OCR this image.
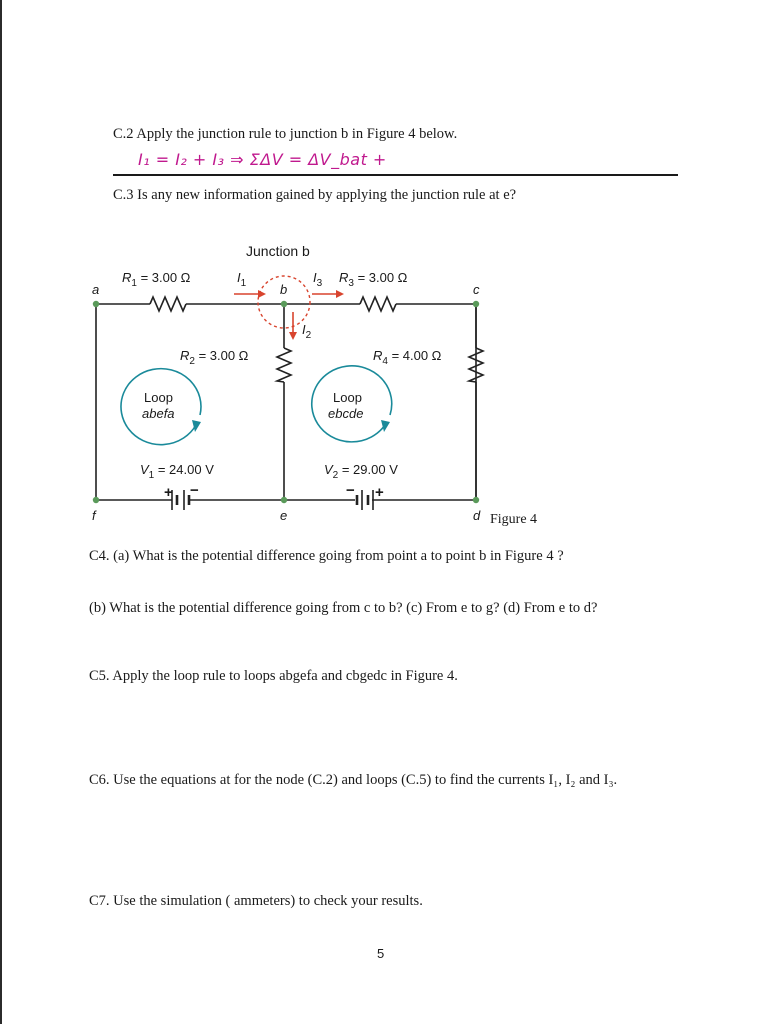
C.2 Apply the junction rule to junction b in Figure 4 below.
I₁ = I₂ + I₃ ⇒ ΣΔV = ΔV_bat +
C.3 Is any new information gained by applying the junction rule at e?
Junction b
a	b	c
f	e	d
$R_1 = 3.00$ Ω	$R_3 = 3.00$ Ω
$R_2 = 3.00$ Ω	$R_4 = 4.00$ Ω
$I_1$	$I_3$
$I_2$
Loop
abefa
Loop
ebcde
$V_1 = 24.00$ V	$V_2 = 29.00$ V
+ −	− +
Figure 4
C4. (a) What is the potential difference going from point a to point b in Figure 4 ?
(b) What is the potential difference going from c to b? (c) From e to g? (d) From e to d?
C5. Apply the loop rule to loops abgefa and cbgedc in Figure 4.
C6. Use the equations at for the node (C.2) and loops (C.5) to find the currents I₁, I₂ and I₃.
C7. Use the simulation ( ammeters) to check your results.
5
